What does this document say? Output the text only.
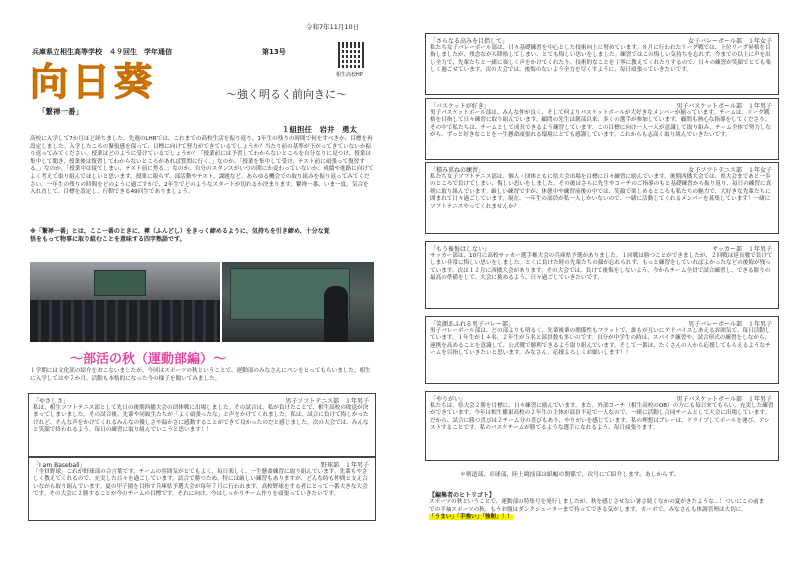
令和7年11月10日
兵庫県立相生高等学校　４９回生　学年通信	第13号
相生高校HP
向日葵	～強く明るく前向きに～
「繋禅一番」
１組担任　岩井　勇太
高校に入学して7か月ほど経ちました。先週のLHRでは、これまでの高校生活を振り返り、1年生の残りの時間で何をすべきか、目標を再設定しました。入学したころの緊張感を保って、目標に向けて努力ができているでしょうか？当たり前の基準が下がってきていないか振り返ってみてください。授業はどのように受けているでしょうか？「授業前には予習してわからないところを自分なりに見つけ、授業は集中して聞き、授業後は復習してわからないところがあれば質問に行く。」なのか、「授業を集中して受け、テスト前に頑張って復習する。」なのか、「授業中は寝てしまい、テスト前に焦る。」なのか、自分のスタンスがいつの間にか変わっていないか、成績や進路に向けてよく考えて取り組んでほしいと思います。授業に限らず、部活動やテスト、課題など、あらゆる機会での取り組みを振り返ってみてください。一年生の残りの時間をどのように過ごすかで、2年生でどのようなスタートが切れるか決まります。繋禅一番、いま一度、気合を入れ直して、目標を設定し、行動できる49回生でありましょう。
※「繋禅一番」とは、ここ一番のときに、褌（ふんどし）をきっく締めるように、気持ちを引き締め、十分な覚悟をもって物事に取り組むことを意味する四字熟語です。
～部活の秋（運動部編）～
１学期には文化部の紹介をおこないましたが、今回はスポーツの秋ということで、運動部のみなさんにペンをとってもらいました。相生に入学してはや７か月、活動も本格的になった今の様子を聞いてみました。
「やさしさ」	男子ソフトテニス部　１年男子
私は、相生ソフトテニス部として先日の後期西播大会の団体戦に出場しました。その試合は、私が負けたことで、相生高校の敗退が決まってしまいました。その試合後、先輩や同級生たちが「よく頑張ったな」と声をかけてくれました。私は、試合に負けて悔しかったけれど、そんな声をかけてくれるみんなの優しさや温かさに感動することができて良かったのだと感じました。次の大会では、みんなと笑顔で終われるよう、毎日の練習に取り組んでいこうと思います！！
「I am Baseball」	野球部　１年男子
「全員野球」これが野球部の合言葉です。チームの雰囲気がとてもよく、毎日楽しく、一生懸命練習に取り組んでいます。先輩もやさしく教えてくれるので、充実した日々を過ごしています。試合で勝つため、特には厳しい練習もありますが、どんな時も仲間と支え合いながら取り組んでいます。夏の甲子園を目指す兵庫県予選大会が毎年７月に行われます。高校野球をする者にとって一番大きな大会です。その大会に２勝することが今のチームの目標です。それに向け、今はしっかりチーム作りを頑張っていきたいです。
「さらなる高みを目指して」	女子バレーボール部　１年女子
私たち女子バレーボール部は、日々基礎練習を中心とした技術向上に努めています。８月に行われたリーグ戦では、上位リーグ昇格を目指しましたが、残念ながら降格してしまい、とても悔しい思いをしました。練習ではこの悔しい気持ちを忘れず、今までの以上に声を出し全力で、先輩たちと一緒に楽しく声をかけてくれたり、技術的なことを丁寧に教えてくれたりするので、日々の練習が笑顔でとても楽しく過ごせています。次の大会では、後悔のないよう全力を尽くすように、毎日頑張っていきたいです。
「バスケットが好き」	男子バスケットボール部　１年男子
男子バスケットボール部は、みんな仲が良く、そして何よりバスケットボールが大好きなメンバーが揃っています。チームは、リーグ戦格を目指して日々練習に取り組んでいます。顧問の先生は創部以来、多くの選手が参加しています。顧問も熱心な指導をしてくださり、その中で私たちは、チームとして成長できるよう練習しています。この目標に向け一人一人が意識して取り組み、チーム全体で努力しながら、ずっと好きなことを一生懸命頑張れる環境にとても感謝しています。これからも志高く取り組んでいきたいです。
「積み重ねの練習」	女子ソフトテニス部　１年女子
私たち女子ソフトテニス部は、個人・団体ともに県大会出場を目標に日々練習に励んでいます。後期西播大会では、県大会まであと一歩のところで負けてしまい、悔しい思いをしました。その後はさらに先生やコーチのご指導のもと基礎練習から振り返り、毎日の練習に真剣に取り組んでいます。厳しい練習ですが、休憩中や練習前後の中では、笑顔で楽しめるところも私たちの魅力で、大好きな先輩たちに囲まれて日々過ごしています。現在、一年生の部員が私一人しかいないので、一緒に活動してくれるメンバーを募集しています！一緒にソフトテニスやってくれませんか？
「もう後悔はしない」	サッカー部　１年男子
サッカー部は、10月に高校サッカー選手権大会の兵庫県予選がありました。１回戦は勝つことができましたが、２回戦は延長戦で負けてしまい非常に悔しい思いをしました。とくに負けた時の先輩たちの顔が忘れられず、もっと練習をしていればよかったなどの後悔が残っています。次は１２月に西播大会があります。その大会では、負けて後悔をしないよう、今からチーム全員で試合練習し、できる限りの最高の準備をして、大会に挑めるよう、日々過ごしていきたいです。
「笑顔あふれる男子バレー部」	男子バレーボール部　１年男子
男子バレーボール部は、どの部よりも明るく、先輩後輩の関係性もフラットで、誰もが互いにアドバイスしあえる雰囲気で、毎日活動しています。１年生が１４名、２年生が５名と部員数も多いのです。自分が中学生の時は、スパイク練習や、試合形式の練習をしながら、連携を高めることを意識して、公式戦で勝利できるよう取り組んでいます。そして一番は、たくさんの人から応援してもらえるようなチームを目指していきたいと思います。みなさん、応援よろしくお願いします！！
「やりがい」	男子バスケットボール部　１年男子
私たちは、県大会２勝を目標に、日々練習に励んでいます。また、外部コーチ（相生高校のOB）の方にも毎日来てもらい、充実した練習ができています。今年は相生播東高校の２年生の主体が部員不足で一人なので、一緒に活動し合同チームとして大会に出場しています。だから、試合に勝つ喜びは２チーム分の喜びもあり、やりがいを感じています。私の理想はプレーは、ドライブしてボールを運び、アシストすることです。私のバスケチームが勝てるような選手になれるよう、毎日頑張ります。
＊剣道部、卓球部、陸上競技部は紙幅の関係で、次号にて紹介します。あしからず。
【編集者のヒトリゴト】
スポーツの秋ということで、運動部の特集号を発行しましたが、秋を感じさせない暑さ続くなかの夏がきたような…！ついにこの前までの半袖スポーツの秋、もうお腹はダンクシューターまで持ってできる気がします。カーボで、みなさんも体調管理は大切に。
「うまい」「手強い」「強靭」！！
